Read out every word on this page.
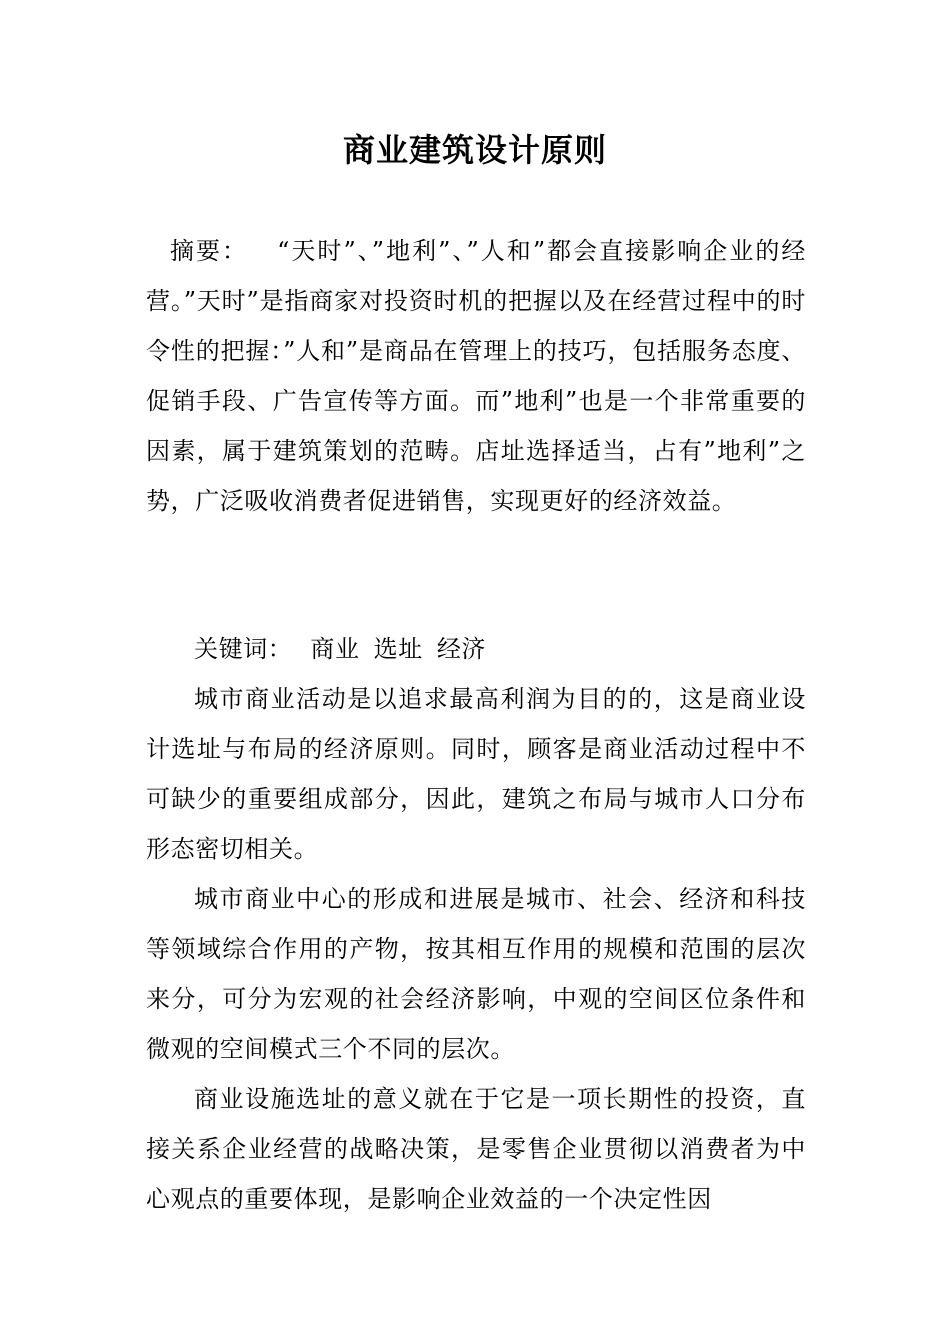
商业建筑设计原则
摘要： “天时”、”地利”、”人和”都会直接影响企业的经营。”天时”是指商家对投资时机的把握以及在经营过程中的时令性的把握：”人和”是商品在管理上的技巧，包括服务态度、促销手段、广告宣传等方面。而”地利”也是一个非常重要的因素，属于建筑策划的范畴。店址选择适当，占有”地利”之势，广泛吸收消费者促进销售，实现更好的经济效益。
关键词： 商业 选址 经济

城市商业活动是以追求最高利润为目的的，这是商业设计选址与布局的经济原则。同时，顾客是商业活动过程中不可缺少的重要组成部分，因此，建筑之布局与城市人口分布形态密切相关。

城市商业中心的形成和进展是城市、社会、经济和科技等领域综合作用的产物，按其相互作用的规模和范围的层次来分，可分为宏观的社会经济影响，中观的空间区位条件和微观的空间模式三个不同的层次。

商业设施选址的意义就在于它是一项长期性的投资，直接关系企业经营的战略决策，是零售企业贯彻以消费者为中心观点的重要体现，是影响企业效益的一个决定性因
